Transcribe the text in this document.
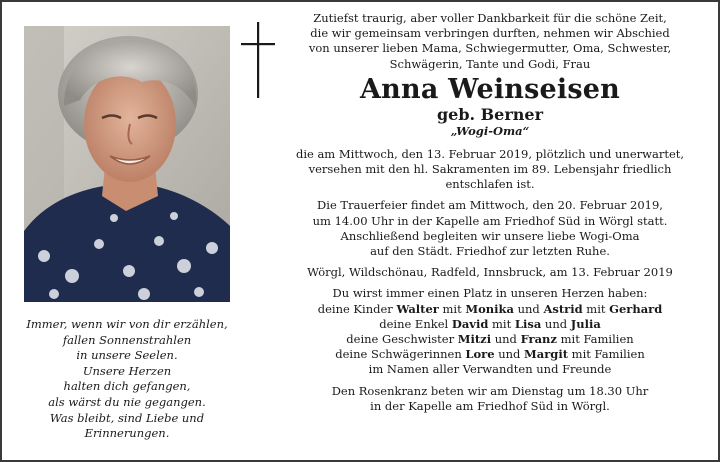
Immer, wenn wir von dir erzählen,
fallen Sonnenstrahlen
in unsere Seelen.
Unsere Herzen
halten dich gefangen,
als wärst du nie gegangen.
Was bleibt, sind Liebe und
Erinnerungen.
Zutiefst traurig, aber voller Dankbarkeit für die schöne Zeit,
die wir gemeinsam verbringen durften, nehmen wir Abschied
von unserer lieben Mama, Schwiegermutter, Oma, Schwester,
Schwägerin, Tante und Godi, Frau
Anna Weinseisen
geb. Berner
„Wogi-Oma“
die am Mittwoch, den 13. Februar 2019, plötzlich und unerwartet,
versehen mit den hl. Sakramenten im 89. Lebensjahr friedlich
entschlafen ist.
Die Trauerfeier findet am Mittwoch, den 20. Februar 2019,
um 14.00 Uhr in der Kapelle am Friedhof Süd in Wörgl statt.
Anschließend begleiten wir unsere liebe Wogi-Oma
auf den Städt. Friedhof zur letzten Ruhe.
Wörgl, Wildschönau, Radfeld, Innsbruck, am 13. Februar 2019
Du wirst immer einen Platz in unseren Herzen haben:
deine Kinder Walter mit Monika und Astrid mit Gerhard
deine Enkel David mit Lisa und Julia
deine Geschwister Mitzi und Franz mit Familien
deine Schwägerinnen Lore und Margit mit Familien
im Namen aller Verwandten und Freunde
Den Rosenkranz beten wir am Dienstag um 18.30 Uhr
in der Kapelle am Friedhof Süd in Wörgl.
